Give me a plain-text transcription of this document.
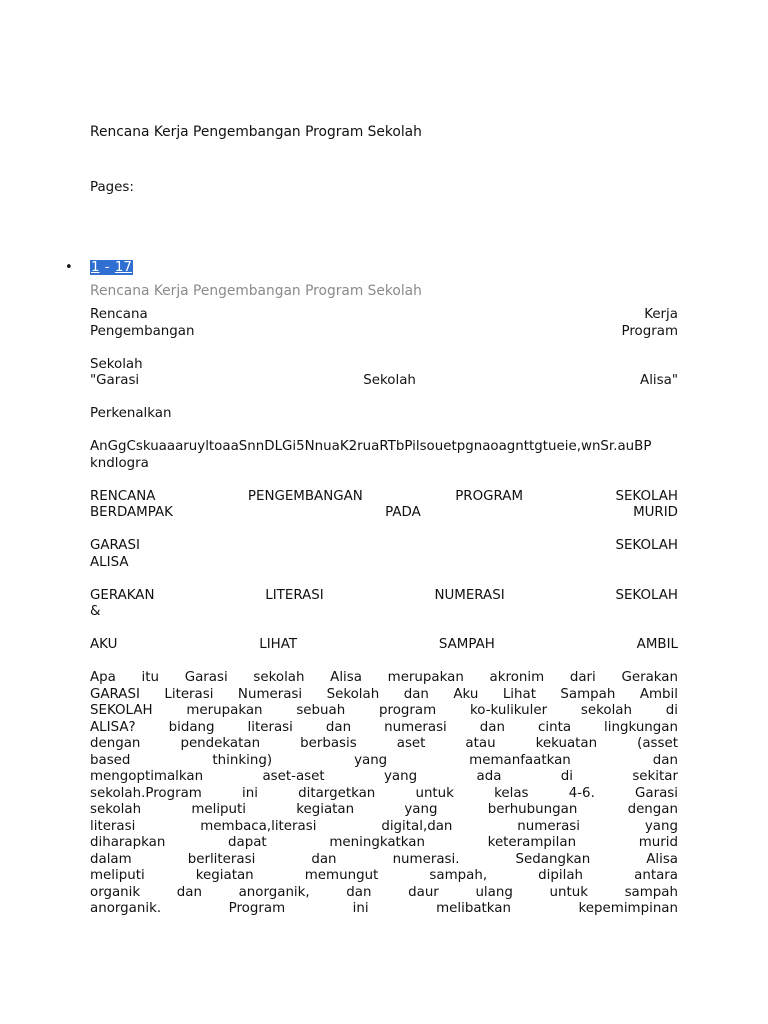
Rencana Kerja Pengembangan Program Sekolah

Pages:

• 1 - 17
Rencana Kerja Pengembangan Program Sekolah
Rencana	Kerja
Pengembangan	Program
Sekolah
"Garasi	Sekolah	Alisa"
Perkenalkan
AnGgCskuaaaruyltoaaSnnDLGi5NnuaK2ruaRTbPilsouetpgnaoagnttgtueie,wnSr.auBP
kndlogra
RENCANA	PENGEMBANGAN	PROGRAM	SEKOLAH
BERDAMPAK	PADA	MURID
GARASI	SEKOLAH
ALISA
GERAKAN	LITERASI	NUMERASI	SEKOLAH
&
AKU	LIHAT	SAMPAH	AMBIL
Apa itu Garasi sekolah Alisa merupakan akronim dari Gerakan
GARASI Literasi Numerasi Sekolah dan Aku Lihat Sampah Ambil
SEKOLAH merupakan sebuah program ko-kulikuler sekolah di
ALISA? bidang literasi dan numerasi dan cinta lingkungan
dengan pendekatan berbasis aset atau kekuatan (asset
based thinking) yang memanfaatkan dan
mengoptimalkan aset-aset yang ada di sekitar
sekolah.Program ini ditargetkan untuk kelas 4-6. Garasi
sekolah meliputi kegiatan yang berhubungan dengan
literasi membaca,literasi digital,dan numerasi yang
diharapkan dapat meningkatkan keterampilan murid
dalam berliterasi dan numerasi. Sedangkan Alisa
meliputi kegiatan memungut sampah, dipilah antara
organik dan anorganik, dan daur ulang untuk sampah
anorganik. Program ini melibatkan kepemimpinan
